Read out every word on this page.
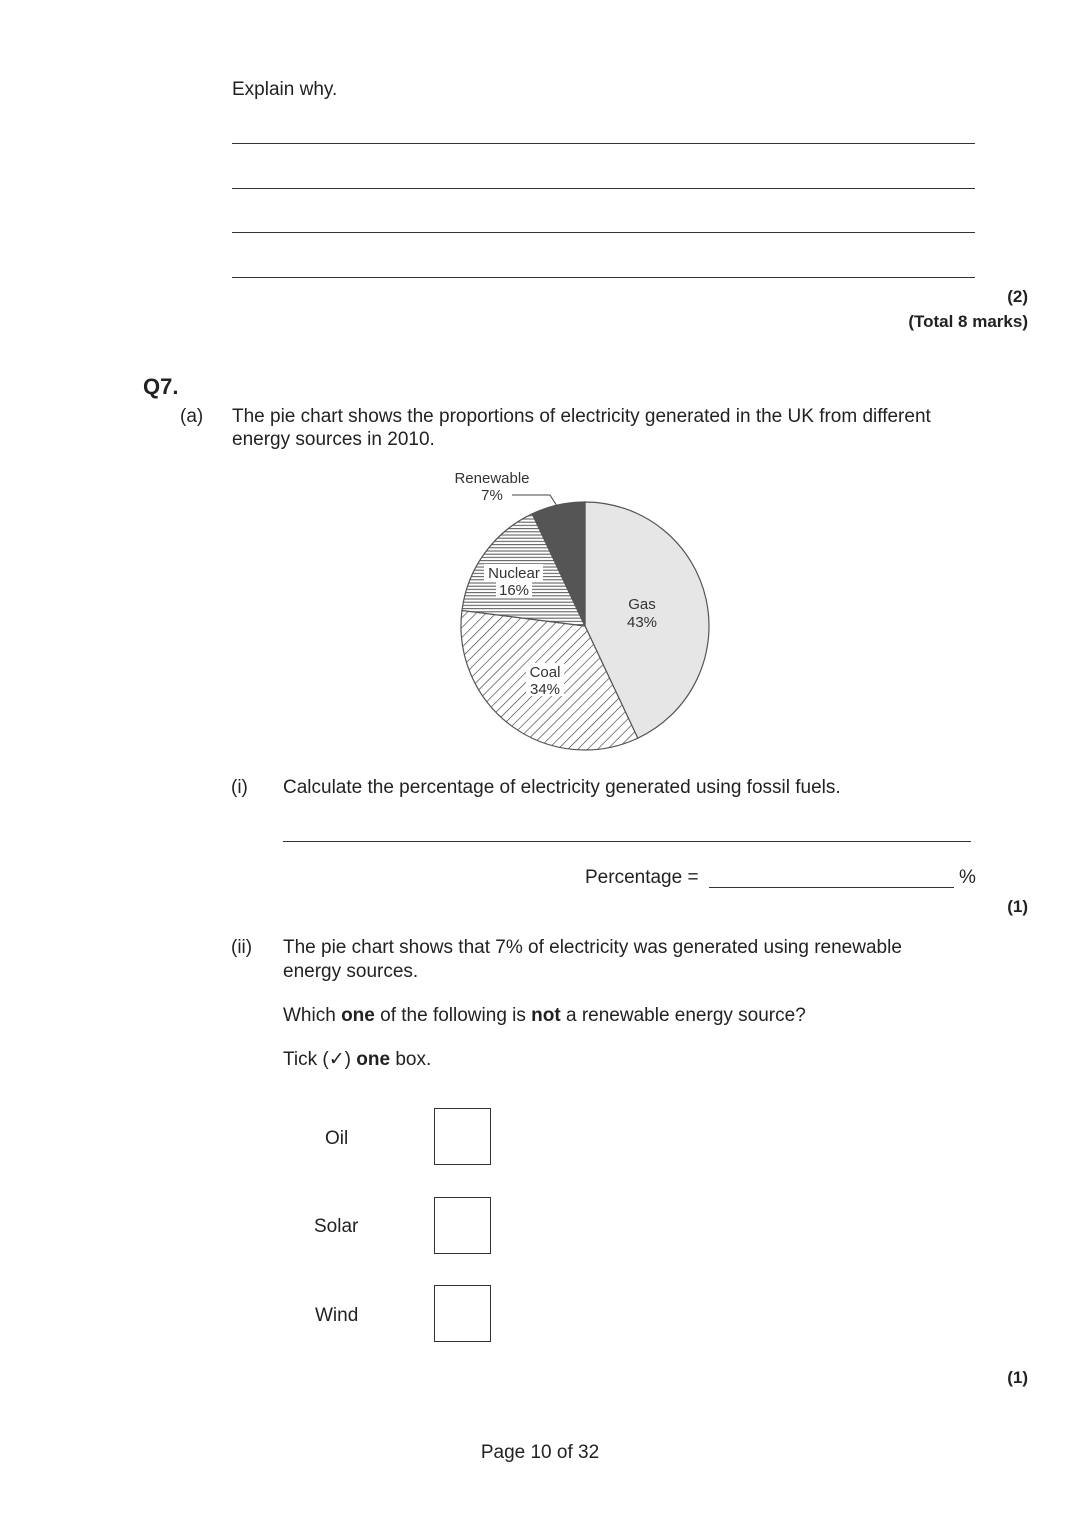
Explain why.
(2)
(Total 8 marks)
Q7.
(a) The pie chart shows the proportions of electricity generated in the UK from different
energy sources in 2010.
Renewable
7%
Nuclear
16%
Gas
43%
Coal
34%
(i) Calculate the percentage of electricity generated using fossil fuels.
Percentage =	%
(1)
(ii) The pie chart shows that 7% of electricity was generated using renewable
energy sources.
Which one of the following is not a renewable energy source?
Tick (✓) one box.
Oil
Solar
Wind
(1)
Page 10 of 32
